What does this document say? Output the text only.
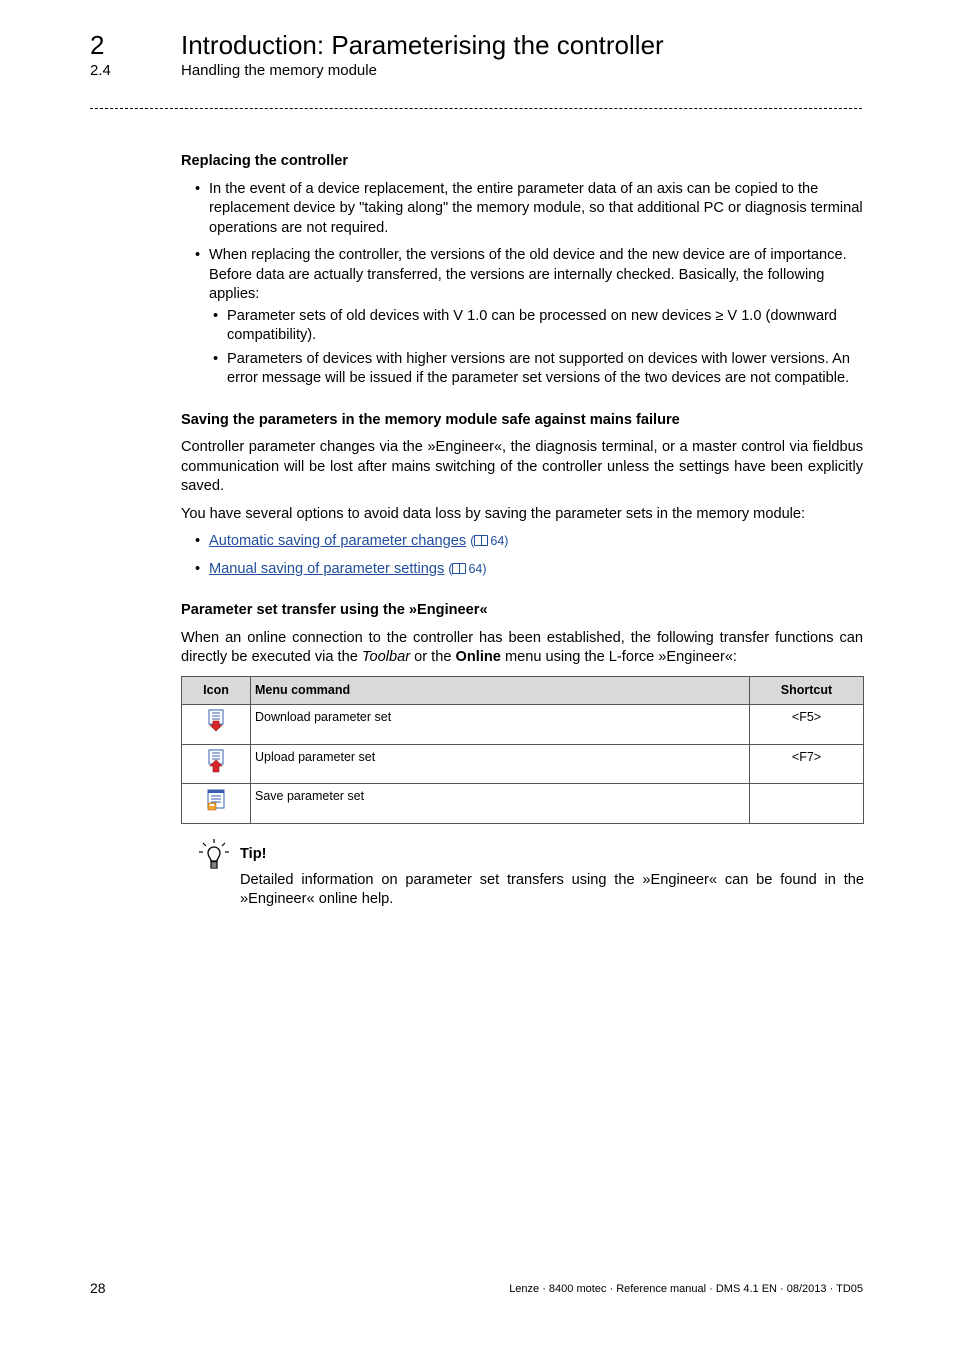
2	Introduction: Parameterising the controller
2.4	Handling the memory module
Replacing the controller
• In the event of a device replacement, the entire parameter data of an axis can be copied to the replacement device by "taking along" the memory module, so that additional PC or diagnosis terminal operations are not required.
• When replacing the controller, the versions of the old device and the new device are of importance. Before data are actually transferred, the versions are internally checked. Basically, the following applies:
• Parameter sets of old devices with V 1.0 can be processed on new devices ≥ V 1.0 (downward compatibility).
• Parameters of devices with higher versions are not supported on devices with lower versions. An error message will be issued if the parameter set versions of the two devices are not compatible.
Saving the parameters in the memory module safe against mains failure

Controller parameter changes via the »Engineer«, the diagnosis terminal, or a master control via fieldbus communication will be lost after mains switching of the controller unless the settings have been explicitly saved.

You have several options to avoid data loss by saving the parameter sets in the memory module:

• Automatic saving of parameter changes ( 64)
• Manual saving of parameter settings ( 64)
Parameter set transfer using the »Engineer«

When an online connection to the controller has been established, the following transfer functions can directly be executed via the Toolbar or the Online menu using the L-force »Engineer«:

Icon	Menu command	Shortcut
	Download parameter set	<F5>
	Upload parameter set	<F7>
	Save parameter set	
Tip!
Detailed information on parameter set transfers using the »Engineer« can be found in the »Engineer« online help.
28	Lenze · 8400 motec · Reference manual · DMS 4.1 EN · 08/2013 · TD05
